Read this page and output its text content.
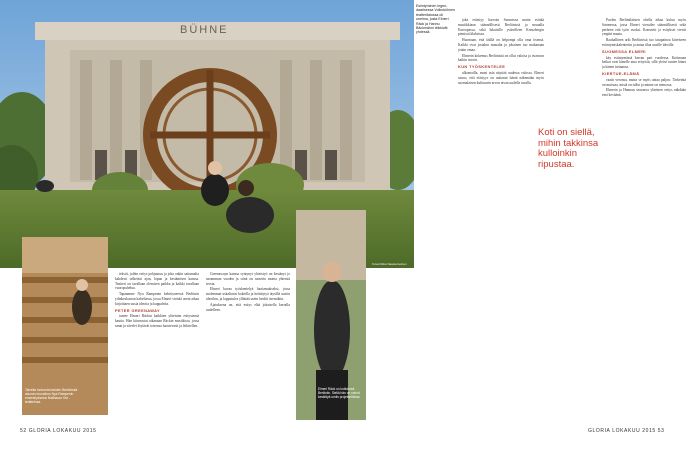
BÜHNE
Esiintyminen legendaarisessa Volksbühnen teatteritalossa oli unelma, josta Elmeri Räck ja Hannu Bäckmänni leikkivät yhdessä.
Kuvat Ilkka Saastamoinen
Talvella tunnusta kahden Berliinissä asuvan muusikon Nya Rampenin ensiesitykseksi Balthasar Ost -teatterissa.

tekstit, joihin esitys pohjautuu ja joka onkin sattumalta kahdesti selkeästi ajan, lopun ja kestämisen kanssa. Teatteri on tavallaan olemisen paikka ja kaikki tavallaan vuoropuhelua.

Tapaamme Nya Rampenin kehittyneessä Berliinin ydinkeskustan kahvilassa, jossa Elmeri viettää usein aikaa kirjoittaen uusia ideoita ja kappaleita.

PETER GREENAWAY

tuntee Elmeri Räckin kaikkien yhteisten esitystensä kautta. Hän kiinnostui aikanaan Räckin musiikista, jossa sanat ja sävelet löytävät toisensa luontevasti ja leikitellen.

Greenawayn kanssa syntynyt yhteistyö on kestänyt jo useamman vuoden ja siinä on tuotettu monta yhteistä teosta.

Elmeri kuvaa työskentelyä luottamukseksi, jossa molemmat uskaltavat kokeilla ja heittäytyä täysillä uusiin ideoihin, ja lopputulos yllättää usein heidät itsensäkin.

Ajatuksena on, että esitys elää jokaisella kerralla uudelleen.

Elmeri Räck on kotiutunut Berliiniin. Siellä hän on voinut keskittyä omiin projekteihinsa.

joka esiintyy harvoin Suomessa mutta esittää musiikkiaan säännöllisesti Berliinissä ja muualla Euroopassa, sekä lukuisille ystävilleen Kreuzbergin pienissä klubeissa.

Huomaan, että täällä on helpompi olla oma itsensä. Kaikki ovat jostakin muualta ja jokainen tuo mukanaan jotain omaa.

Elmerin kokemus Berliinistä on ollut valoisa ja avartava kaikin tavoin.

KUN TYÖSKENTELEE

ulkomailla, moni asia näyttää uudessa valossa. Elmeri sanoo, että etäisyys on auttanut häntä näkemään myös suomalaisen kulttuurin arvon aivan uudella tavalla.

Koti on siellä, mihin takkinsa kulloinkin ripustaa.

Puolen Berliiniläisten ohella aikaa kuluu myös Suomessa, jossa Elmeri vierailee säännöllisesti sekä perheen että työn vuoksi. Konsertit ja esitykset vievät ympäri maata.

Rauhallinen arki Berliinissä tuo tasapainoa kiireiseen esiintymiskalenteriin ja antaa tilaa uusille ideoille.

SUOMESSA ELMERI

käy esiintymässä kerran pari vuodessa. Kotimaan keikat ovat hänelle aina erityisiä, sillä yleisö tuntee hänet ja hänen tarinansa.

KIERTUE-ELÄMÄ

vaatii veronsa, mutta se myös antaa paljon. Tärkeintä on muistaa, mistä on tullut ja minne on menossa.

Elmerin ja Hannun seuraava yhteinen esitys nähdään ensi keväänä.

52 GLORIA LOKAKUU 2015	GLORIA LOKAKUU 2015 53
